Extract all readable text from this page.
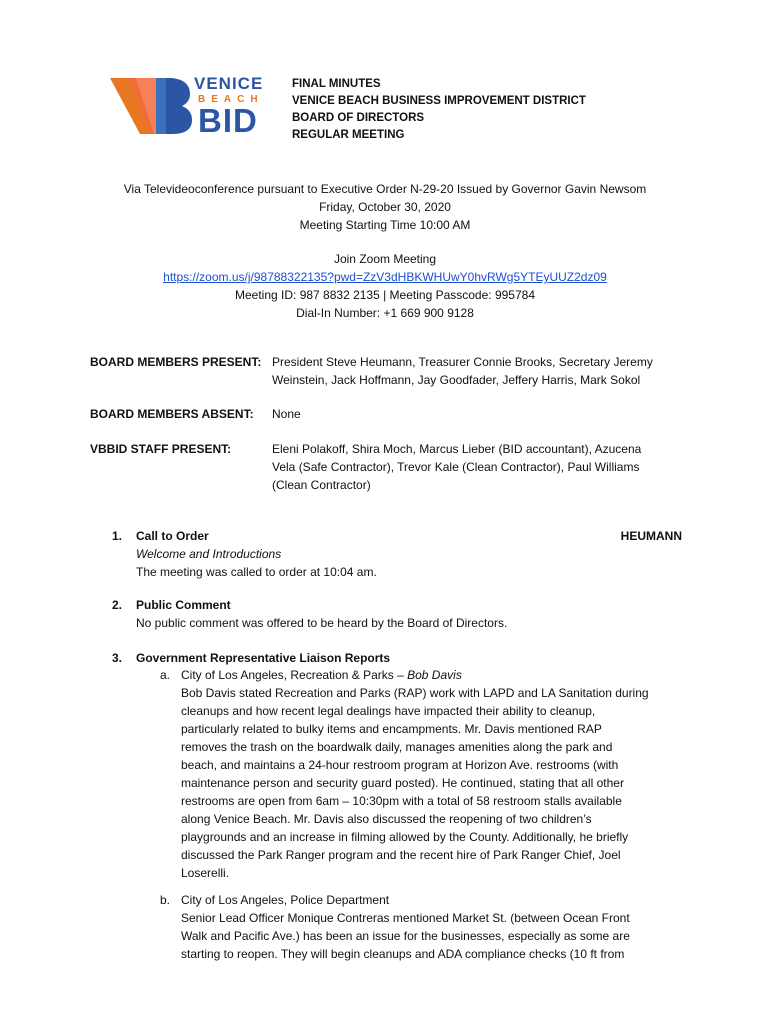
VENICE
BEACH
BID
FINAL MINUTES
VENICE BEACH BUSINESS IMPROVEMENT DISTRICT
BOARD OF DIRECTORS
REGULAR MEETING
Via Televideoconference pursuant to Executive Order N-29-20 Issued by Governor Gavin Newsom
Friday, October 30, 2020
Meeting Starting Time 10:00 AM
Join Zoom Meeting
https://zoom.us/j/98788322135?pwd=ZzV3dHBKWHUwY0hvRWg5YTEyUUZ2dz09
Meeting ID: 987 8832 2135 | Meeting Passcode: 995784
Dial-In Number: +1 669 900 9128
BOARD MEMBERS PRESENT: President Steve Heumann, Treasurer Connie Brooks, Secretary Jeremy
Weinstein, Jack Hoffmann, Jay Goodfader, Jeffery Harris, Mark Sokol
BOARD MEMBERS ABSENT: None
VBBID STAFF PRESENT:	Eleni Polakoff, Shira Moch, Marcus Lieber (BID accountant), Azucena
Vela (Safe Contractor), Trevor Kale (Clean Contractor), Paul Williams
(Clean Contractor)
1. Call to Order
Welcome and Introductions
The meeting was called to order at 10:04 am.
HEUMANN
2. Public Comment
No public comment was offered to be heard by the Board of Directors.
3. Government Representative Liaison Reports
a. City of Los Angeles, Recreation & Parks – Bob Davis
Bob Davis stated Recreation and Parks (RAP) work with LAPD and LA Sanitation during
cleanups and how recent legal dealings have impacted their ability to cleanup,
particularly related to bulky items and encampments. Mr. Davis mentioned RAP
removes the trash on the boardwalk daily, manages amenities along the park and
beach, and maintains a 24-hour restroom program at Horizon Ave. restrooms (with
maintenance person and security guard posted). He continued, stating that all other
restrooms are open from 6am – 10:30pm with a total of 58 restroom stalls available
along Venice Beach. Mr. Davis also discussed the reopening of two children’s
playgrounds and an increase in filming allowed by the County. Additionally, he briefly
discussed the Park Ranger program and the recent hire of Park Ranger Chief, Joel
Loserelli.
b. City of Los Angeles, Police Department
Senior Lead Officer Monique Contreras mentioned Market St. (between Ocean Front
Walk and Pacific Ave.) has been an issue for the businesses, especially as some are
starting to reopen. They will begin cleanups and ADA compliance checks (10 ft from
